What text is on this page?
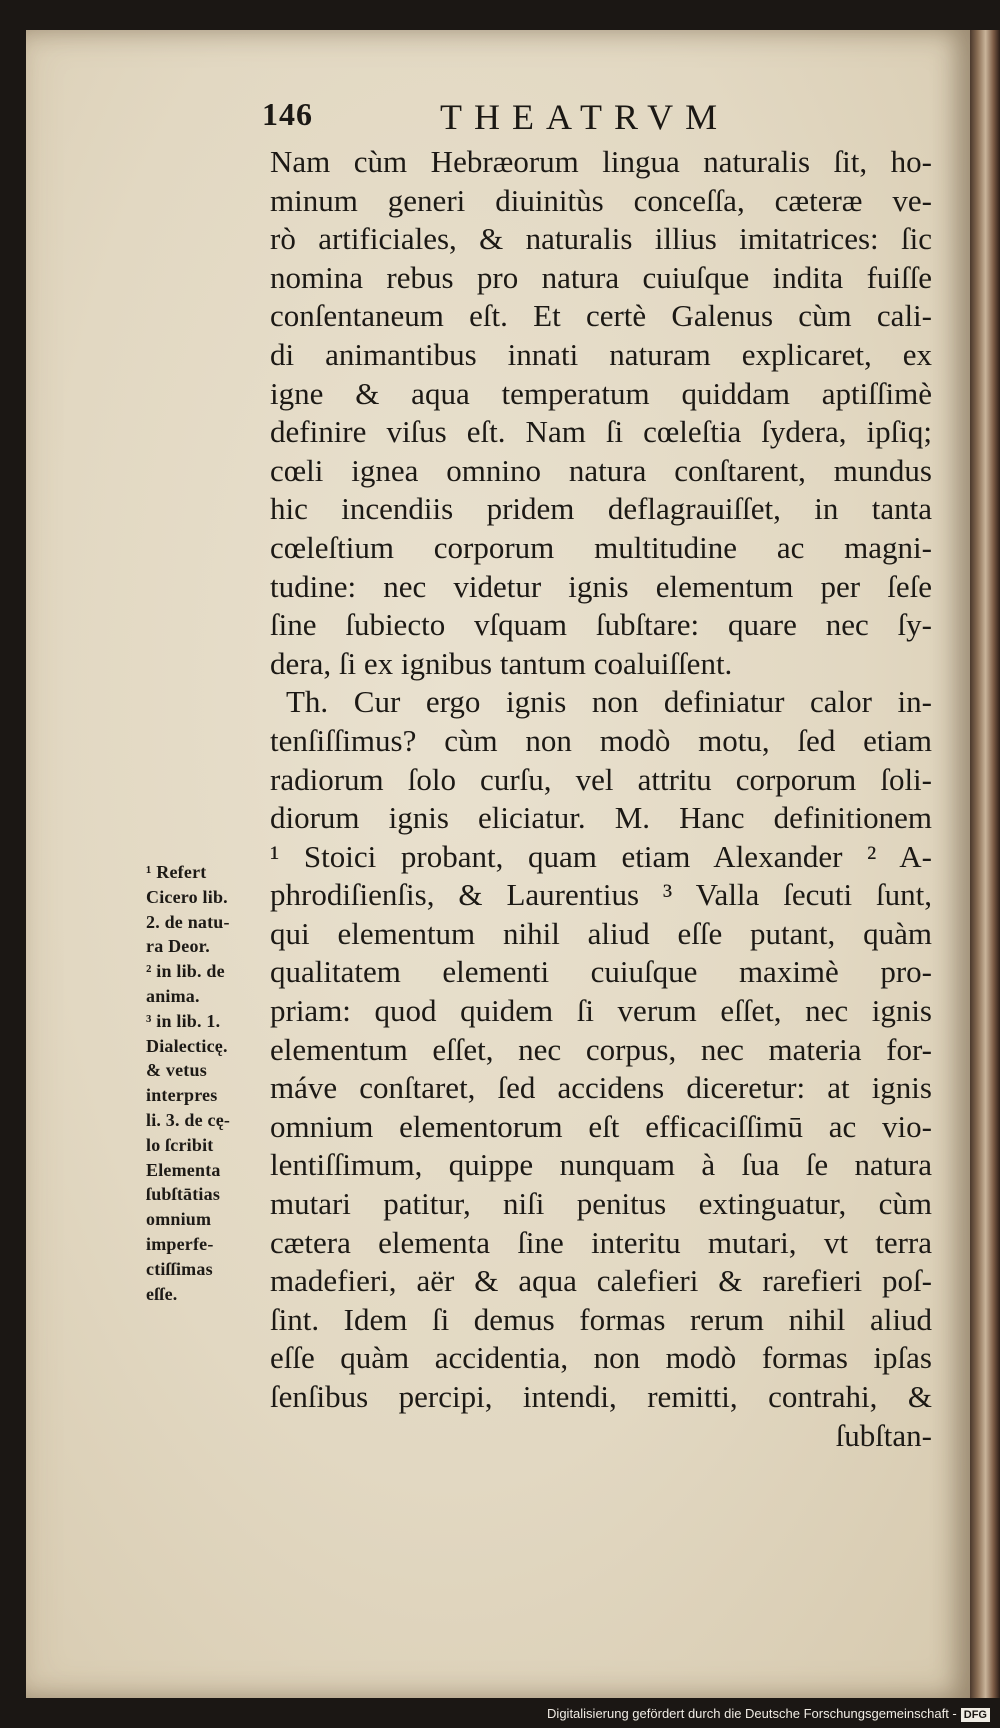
146	THEATRVM
Nam cùm Hebræorum lingua naturalis ſit, ho-
minum generi diuinitùs conceſſa, cæteræ ve-
rò artificiales, & naturalis illius imitatrices: ſic
nomina rebus pro natura cuiuſque indita fuiſſe
conſentaneum eſt. Et certè Galenus cùm cali-
di animantibus innati naturam explicaret, ex
igne & aqua temperatum quiddam aptiſſimè
definire viſus eſt. Nam ſi cœleſtia ſydera, ipſiq;
cœli ignea omnino natura conſtarent, mundus
hic incendiis pridem deflagrauiſſet, in tanta
cœleſtium corporum multitudine ac magni-
tudine: nec videtur ignis elementum per ſeſe
ſine ſubiecto vſquam ſubſtare: quare nec ſy-
dera, ſi ex ignibus tantum coaluiſſent.
Th. Cur ergo ignis non definiatur calor in-
tenſiſſimus? cùm non modò motu, ſed etiam
radiorum ſolo curſu, vel attritu corporum ſoli-
diorum ignis eliciatur. M. Hanc definitionem
¹ Stoici probant, quam etiam Alexander ² A-
phrodiſienſis, & Laurentius ³ Valla ſecuti ſunt,
qui elementum nihil aliud eſſe putant, quàm
qualitatem elementi cuiuſque maximè pro-
priam: quod quidem ſi verum eſſet, nec ignis
elementum eſſet, nec corpus, nec materia for-
máve conſtaret, ſed accidens diceretur: at ignis
omnium elementorum eſt efficaciſſimū ac vio-
lentiſſimum, quippe nunquam à ſua ſe natura
mutari patitur, niſi penitus extinguatur, cùm
cætera elementa ſine interitu mutari, vt terra
madefieri, aër & aqua calefieri & rarefieri poſ-
ſint. Idem ſi demus formas rerum nihil aliud
eſſe quàm accidentia, non modò formas ipſas
ſenſibus percipi, intendi, remitti, contrahi, &
ſubſtan-
¹ Refert
Cicero lib.
2. de natu-
ra Deor.
² in lib. de
anima.
³ in lib. 1.
Dialecticę.
& vetus
interpres
li. 3. de cę-
lo ſcribit
Elementa
ſubſtātias
omnium
imperfe-
ctiſſimas
eſſe.
Digitalisierung gefördert durch die Deutsche Forschungsgemeinschaft - DFG
